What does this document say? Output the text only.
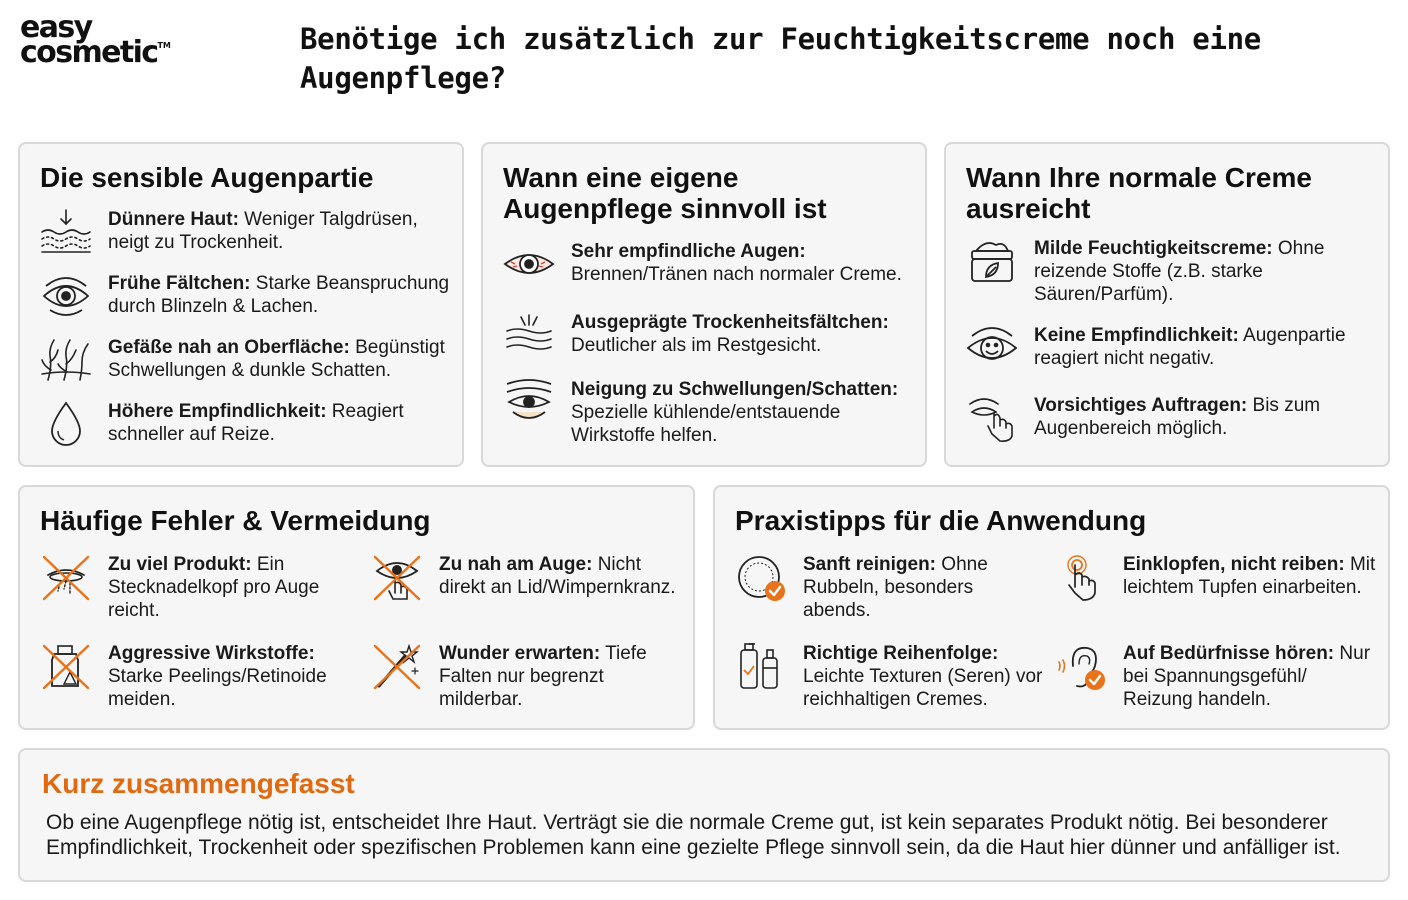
easy
cosmetic™	Benötige ich zusätzlich zur Feuchtigkeitscreme noch eine Augenpflege?
Die sensible Augenpartie
Dünnere Haut: Weniger Talgdrüsen, neigt zu Trockenheit.
Frühe Fältchen: Starke Beanspruchung durch Blinzeln & Lachen.
Gefäße nah an Oberfläche: Begünstigt Schwellungen & dunkle Schatten.
Höhere Empfindlichkeit: Reagiert schneller auf Reize.
Wann eine eigene Augenpflege sinnvoll ist
Sehr empfindliche Augen:
Brennen/Tränen nach normaler Creme.
Ausgeprägte Trockenheitsfältchen:
Deutlicher als im Restgesicht.
Neigung zu Schwellungen/Schatten:
Spezielle kühlende/entstauende Wirkstoffe helfen.
Wann Ihre normale Creme ausreicht
Milde Feuchtigkeitscreme: Ohne reizende Stoffe (z.B. starke Säuren/Parfüm).
Keine Empfindlichkeit: Augenpartie reagiert nicht negativ.
Vorsichtiges Auftragen: Bis zum Augenbereich möglich.
Häufige Fehler & Vermeidung
Zu viel Produkt: Ein Stecknadelkopf pro Auge reicht.
Zu nah am Auge: Nicht direkt an Lid/Wimpernkranz.
Aggressive Wirkstoffe: Starke Peelings/Retinoide meiden.
Wunder erwarten: Tiefe Falten nur begrenzt milderbar.
Praxistipps für die Anwendung
Sanft reinigen: Ohne Rubbeln, besonders abends.
Einklopfen, nicht reiben: Mit leichtem Tupfen einarbeiten.
Richtige Reihenfolge: Leichte Texturen (Seren) vor reichhaltigen Cremes.
Auf Bedürfnisse hören: Nur bei Spannungsgefühl/ Reizung handeln.
Kurz zusammengefasst
Ob eine Augenpflege nötig ist, entscheidet Ihre Haut. Verträgt sie die normale Creme gut, ist kein separates Produkt nötig. Bei besonderer Empfindlichkeit, Trockenheit oder spezifischen Problemen kann eine gezielte Pflege sinnvoll sein, da die Haut hier dünner und anfälliger ist.
